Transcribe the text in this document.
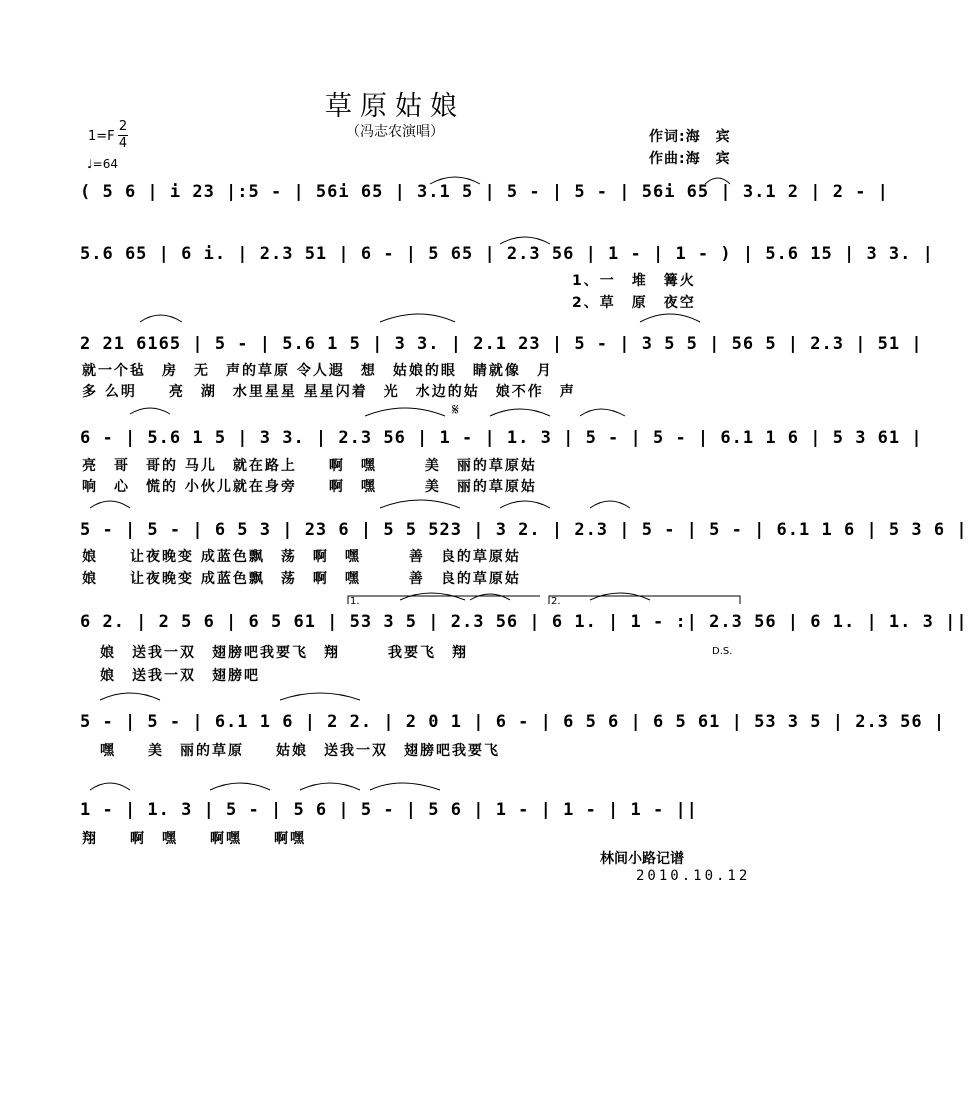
草原姑娘
（冯志农演唱）
1=F
2
4
♩=64
作词:海　宾
作曲:海　宾
( 5 6 | i 23 |:5 - | 56i 65 | 3.1 5 | 5 - | 5 - | 56i 65 | 3.1 2 | 2 - |
5.6 65 | 6 i. | 2.3 51 | 6 - | 5 65 | 2.3 56 | 1 - | 1 - ) | 5.6 15 | 3 3. |
1、一　堆　篝火
2、草　原　夜空
2 21 6165 | 5 - | 5.6 1 5 | 3 3. | 2.1 23 | 5 - | 3 5 5 | 56 5 | 2.3 | 51 |
就一个毡　房　无　声的草原 令人遐　想　姑娘的眼　睛就像　月
多 么明　　亮　湖　水里星星 星星闪着　光　水边的姑　娘不作　声
6 - | 5.6 1 5 | 3 3. | 2.3 56 | 1 - | 1. 3 | 5 - | 5 - | 6.1 1 6 | 5 3 61 |
亮　哥　哥的 马儿　就在路上　　啊　嘿　　　美　丽的草原姑
响　心　慌的 小伙儿就在身旁　　啊　嘿　　　美　丽的草原姑
5 - | 5 - | 6 5 3 | 23 6 | 5 5 523 | 3 2. | 2.3 | 5 - | 5 - | 6.1 1 6 | 5 3 6 |
娘　　让夜晚变 成蓝色飘　荡　啊　嘿　　　善　良的草原姑
娘　　让夜晚变 成蓝色飘　荡　啊　嘿　　　善　良的草原姑
6 2. | 2 5 6 | 6 5 61 | 53 3 5 | 2.3 56 | 6 1. | 1 - :| 2.3 56 | 6 1. | 1. 3 ||
娘　送我一双　翅膀吧我要飞　翔　　　我要飞　翔
娘　送我一双　翅膀吧
1.	2.
D.S.
5 - | 5 - | 6.1 1 6 | 2 2. | 2 0 1 | 6 - | 6 5 6 | 6 5 61 | 53 3 5 | 2.3 56 |
嘿　　美　丽的草原　　姑娘　送我一双　翅膀吧我要飞
1 - | 1. 3 | 5 - | 5 6 | 5 - | 5 6 | 1 - | 1 - | 1 - ||
翔　　啊　嘿　　啊嘿　　啊嘿
𝄋
林间小路记谱
2010.10.12
